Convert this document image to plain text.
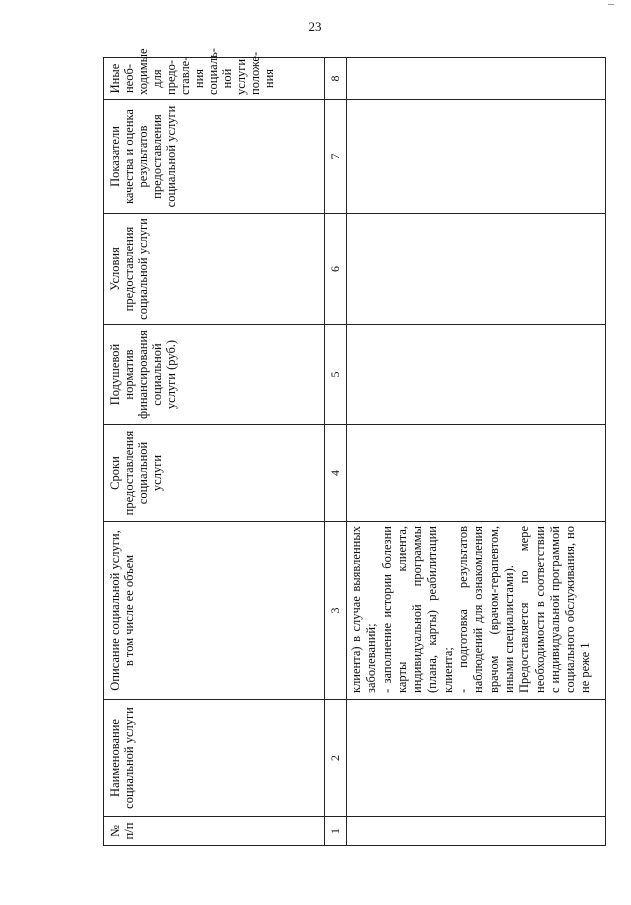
23
№ п/п	Наименование социальной услуги	Описание социальной услуги, в том числе ее объем	Сроки предоставления социальной услуги	Подушевой норматив финансирования социальной услуги (руб.)	Условия предоставления социальной услуги	Показатели качества и оценка результатов предоставления социальной услуги	Иные необ- ходимые для предо- ставле- ния социаль- ной услуги положе- ния
1	2	3	4	5	6	7	8

		клиента) в случае выявленных заболеваний; - заполнение истории болезни карты клиента, индивидуальной программы (плана, карты) реабилитации клиента; - подготовка результатов наблюдений для ознакомления врачом (врачом-терапевтом, иными специалистами). Предоставляется по мере необходимости в соответствии с индивидуальной программой социального обслуживания, но не реже 1					
